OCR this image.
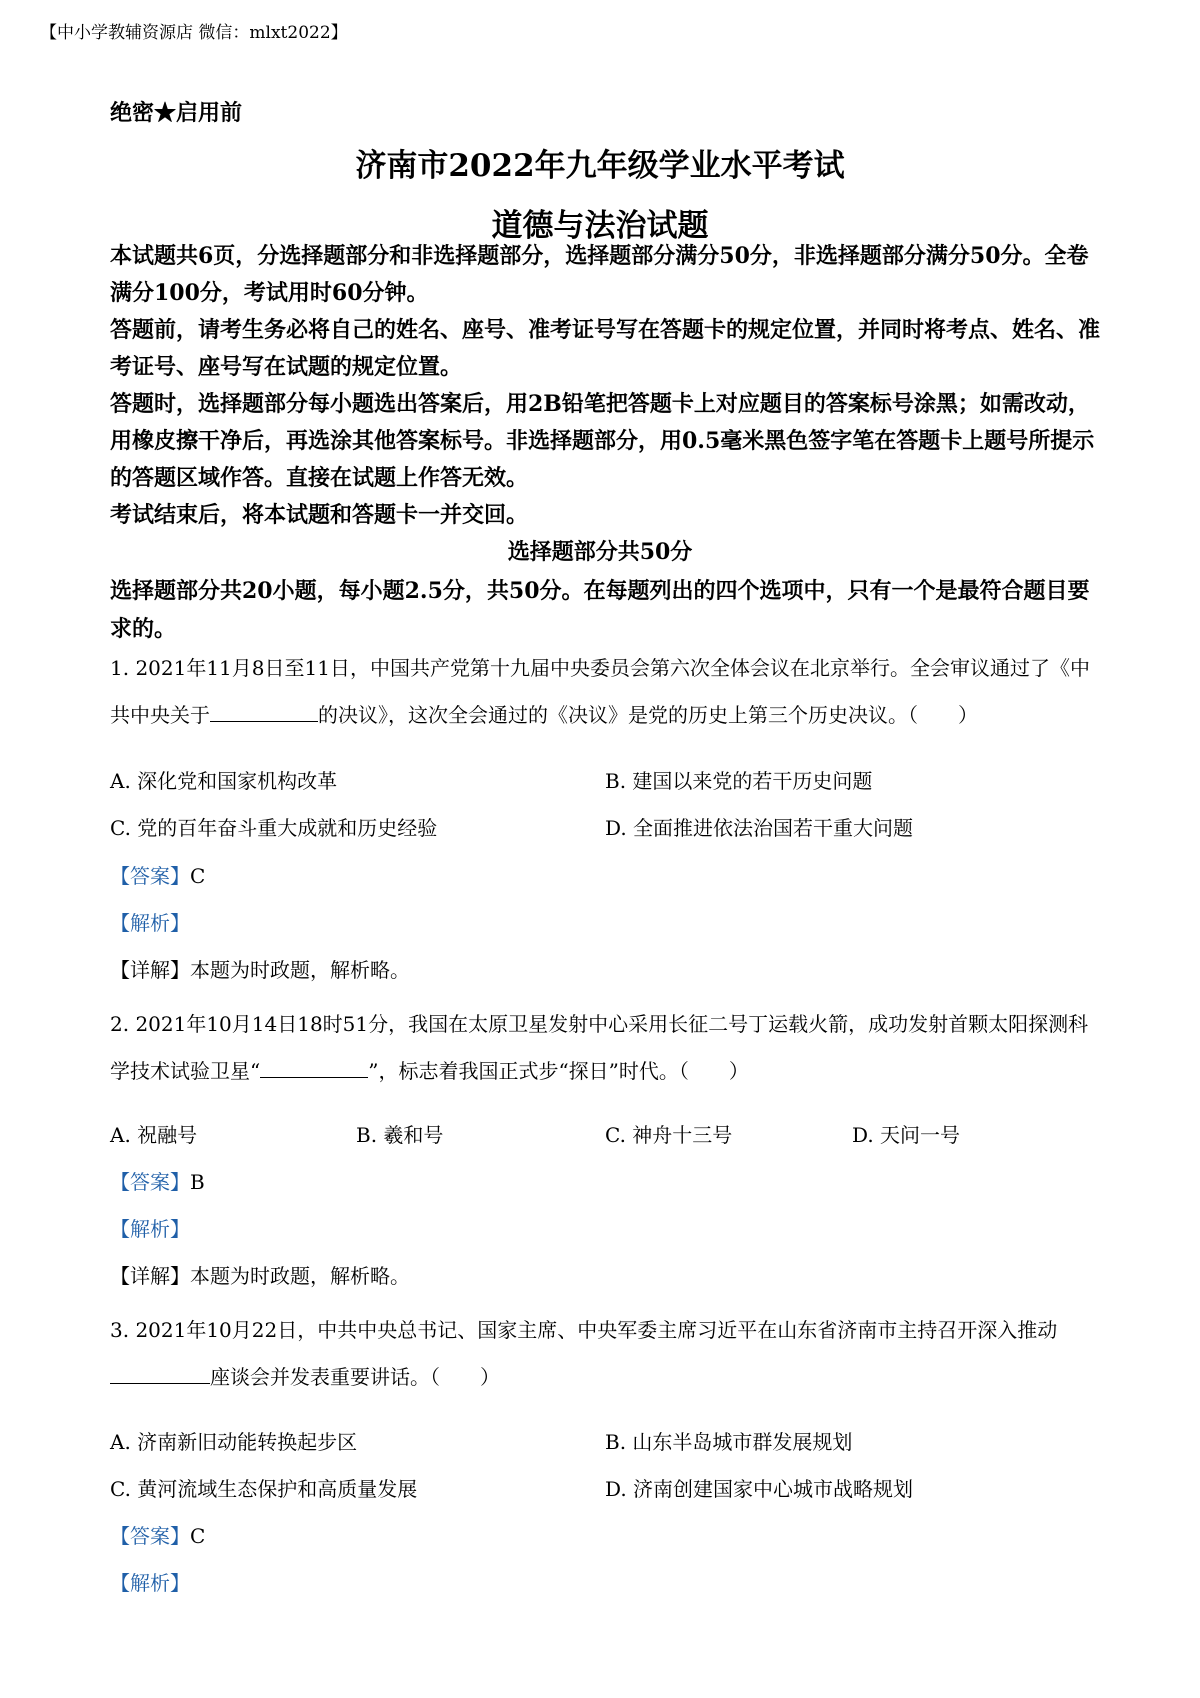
【中小学教辅资源店 微信：mlxt2022】
绝密★启用前
济南市2022年九年级学业水平考试
道德与法治试题
本试题共6页，分选择题部分和非选择题部分，选择题部分满分50分，非选择题部分满分50分。全卷满分100分，考试用时60分钟。
答题前，请考生务必将自己的姓名、座号、准考证号写在答题卡的规定位置，并同时将考点、姓名、准考证号、座号写在试题的规定位置。
答题时，选择题部分每小题选出答案后，用2B铅笔把答题卡上对应题目的答案标号涂黑；如需改动，用橡皮擦干净后，再选涂其他答案标号。非选择题部分，用0.5毫米黑色签字笔在答题卡上题号所提示的答题区域作答。直接在试题上作答无效。
考试结束后，将本试题和答题卡一并交回。
选择题部分共50分
选择题部分共20小题，每小题2.5分，共50分。在每题列出的四个选项中，只有一个是最符合题目要求的。
1. 2021年11月8日至11日，中国共产党第十九届中央委员会第六次全体会议在北京举行。全会审议通过了《中共中央关于	的决议》，这次全会通过的《决议》是党的历史上第三个历史决议。（　　）
A. 深化党和国家机构改革	B. 建国以来党的若干历史问题
C. 党的百年奋斗重大成就和历史经验	D. 全面推进依法治国若干重大问题
【答案】C
【解析】
【详解】本题为时政题，解析略。
2. 2021年10月14日18时51分，我国在太原卫星发射中心采用长征二号丁运载火箭，成功发射首颗太阳探测科学技术试验卫星“	”，标志着我国正式步“探日”时代。（　　）
A. 祝融号	B. 羲和号	C. 神舟十三号	D. 天问一号
【答案】B
【解析】
【详解】本题为时政题，解析略。
3. 2021年10月22日，中共中央总书记、国家主席、中央军委主席习近平在山东省济南市主持召开深入推动座谈会并发表重要讲话。（　　）
A. 济南新旧动能转换起步区	B. 山东半岛城市群发展规划
C. 黄河流域生态保护和高质量发展	D. 济南创建国家中心城市战略规划
【答案】C
【解析】
